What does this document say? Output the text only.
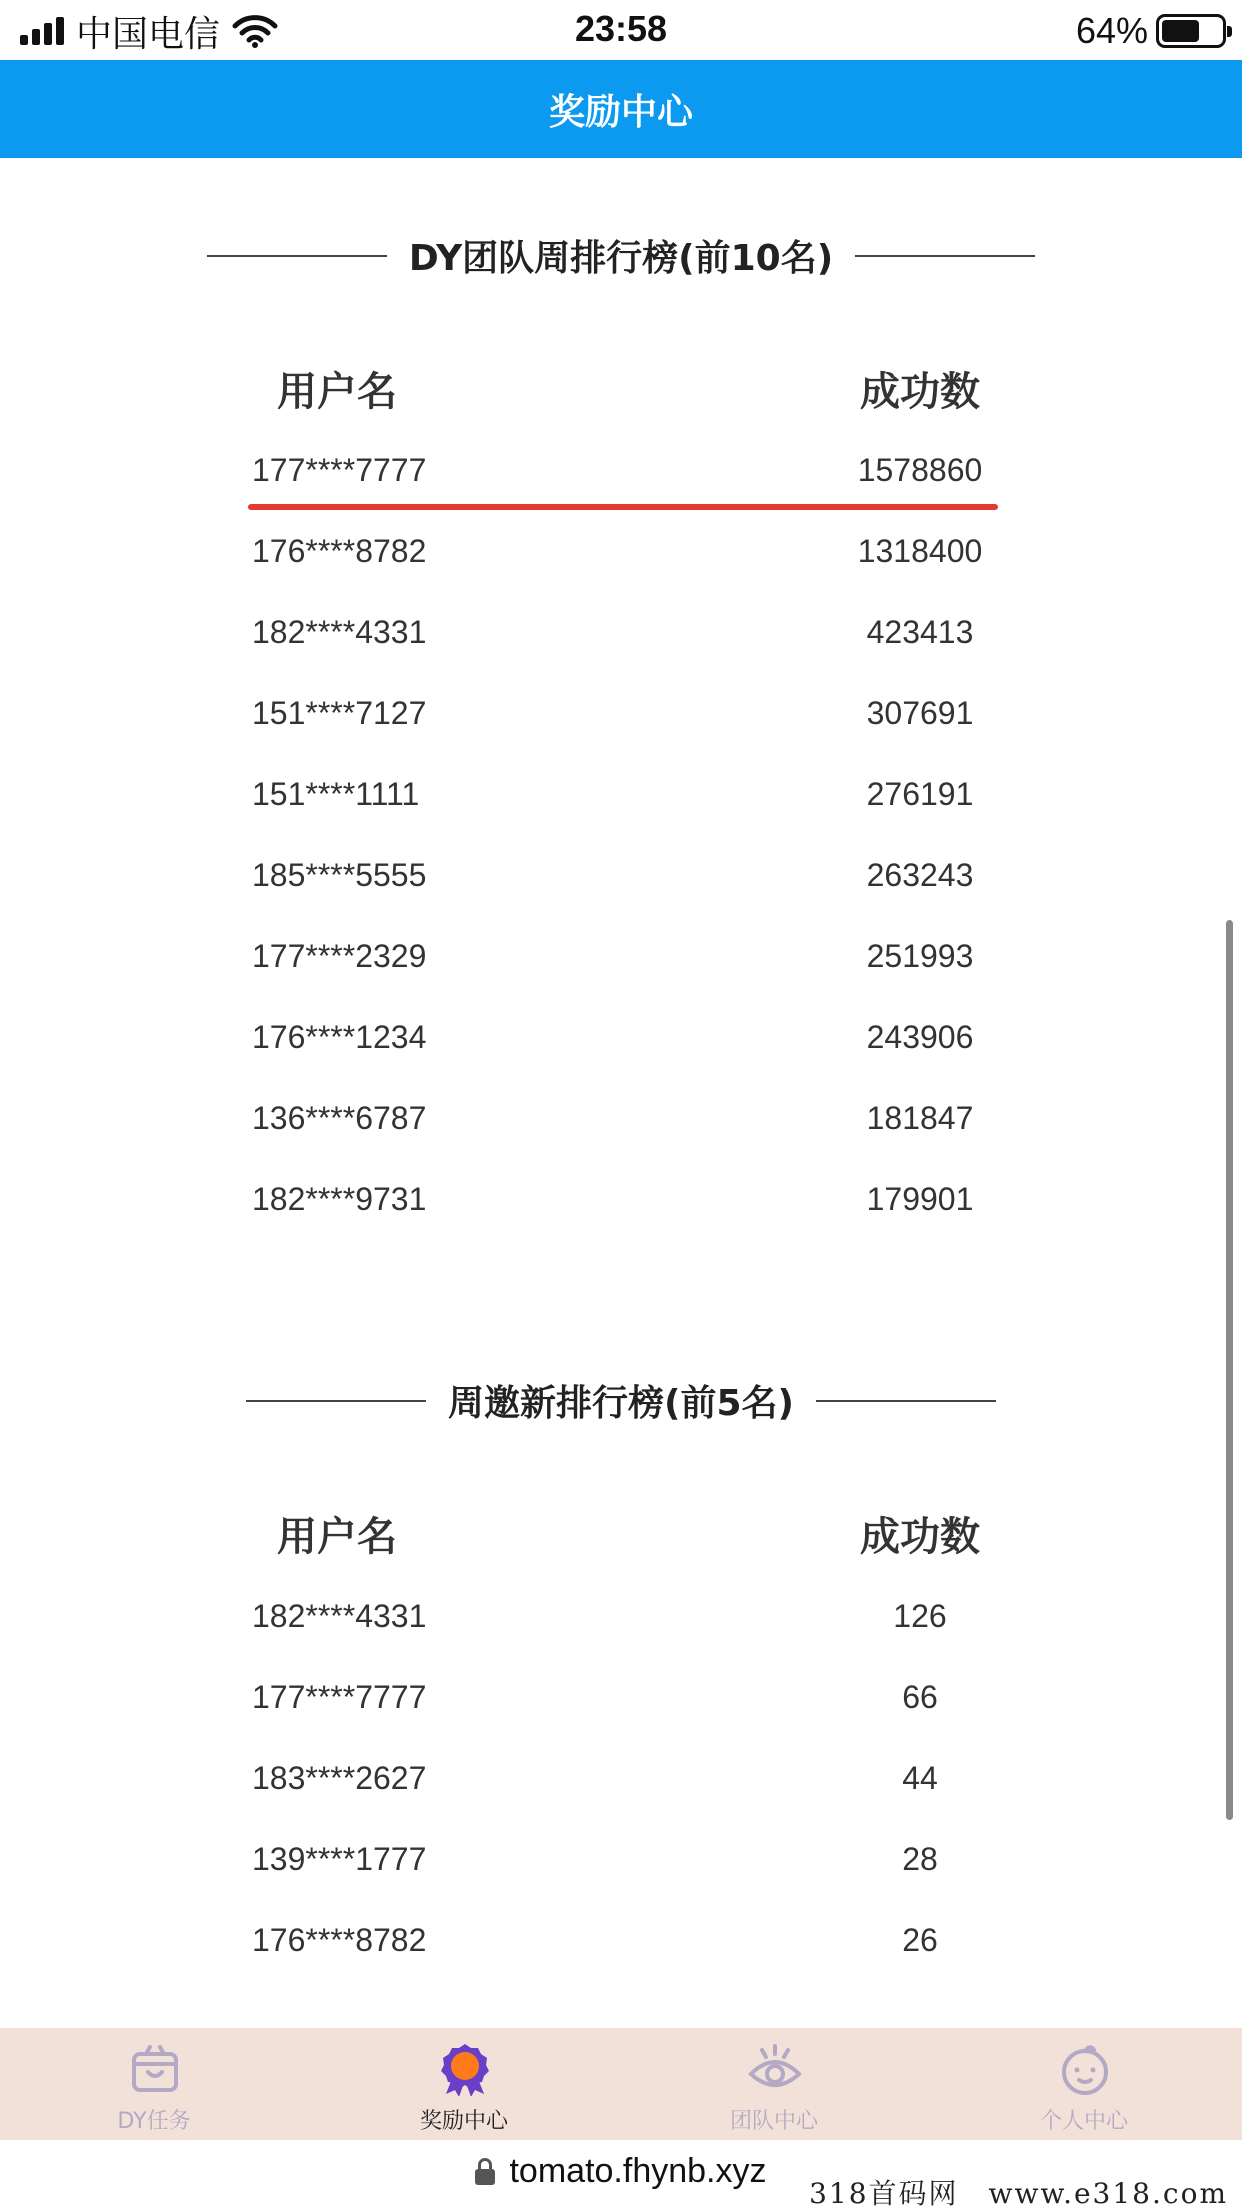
中国电信	23:58	64%
奖励中心
DY团队周排行榜(前10名)
用户名	成功数
177****7777	1578860
176****8782	1318400
182****4331	423413
151****7127	307691
151****1111	276191
185****5555	263243
177****2329	251993
176****1234	243906
136****6787	181847
182****9731	179901
周邀新排行榜(前5名)
用户名	成功数
182****4331	126
177****7777	66
183****2627	44
139****1777	28
176****8782	26
DY任务	奖励中心	团队中心	个人中心
tomato.fhynb.xyz
318首码网　www.e318.com
